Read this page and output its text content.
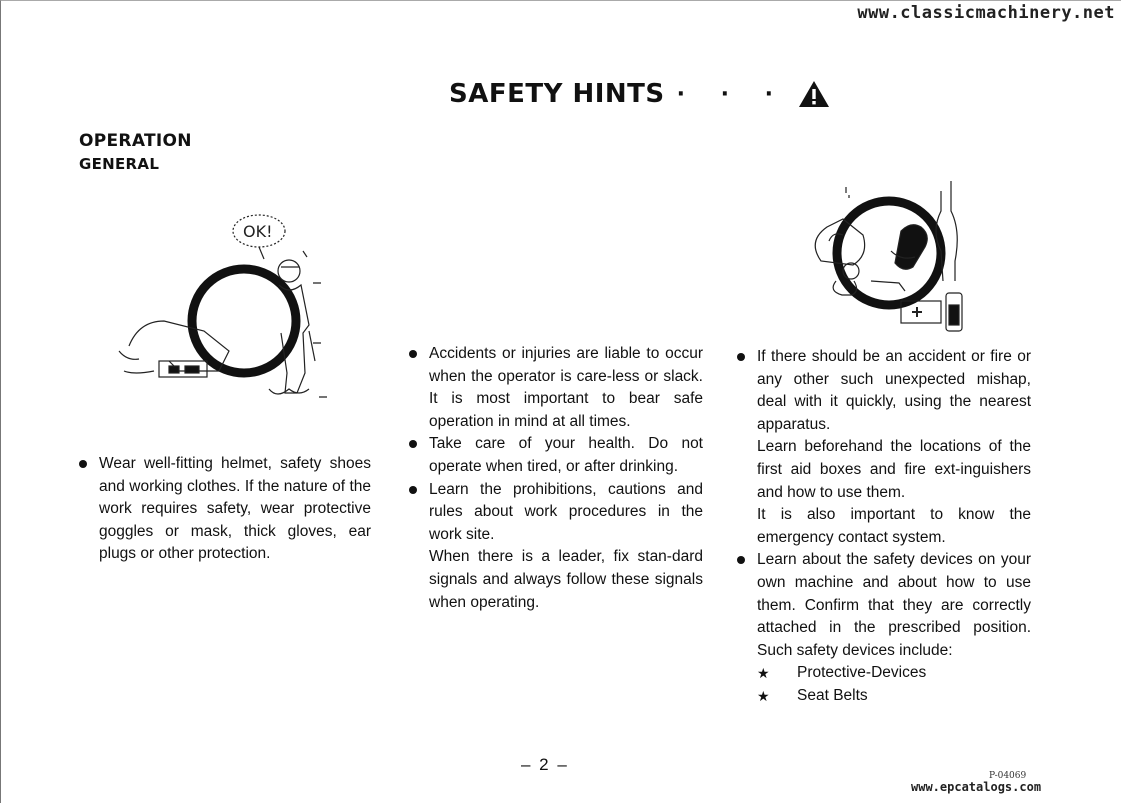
www.classicmachinery.net
SAFETY HINTS · · ·
OPERATION
GENERAL
OK!
Wear well-fitting helmet, safety shoes and working clothes. If the nature of the work requires safety, wear protective goggles or mask, thick gloves, ear plugs or other protection.
Accidents or injuries are liable to occur when the operator is care-less or slack. It is most important to bear safe operation in mind at all times.
Take care of your health. Do not operate when tired, or after drinking.
Learn the prohibitions, cautions and rules about work procedures in the work site.
When there is a leader, fix stan-dard signals and always follow these signals when operating.
If there should be an accident or fire or any other such unexpected mishap, deal with it quickly, using the nearest apparatus.
Learn beforehand the locations of the first aid boxes and fire ext-inguishers and how to use them.
It is also important to know the emergency contact system.
Learn about the safety devices on your own machine and about how to use them. Confirm that they are correctly attached in the prescribed position. Such safety devices include:
★ Protective-Devices
★ Seat Belts
– 2 –
P-04069
www.epcatalogs.com
